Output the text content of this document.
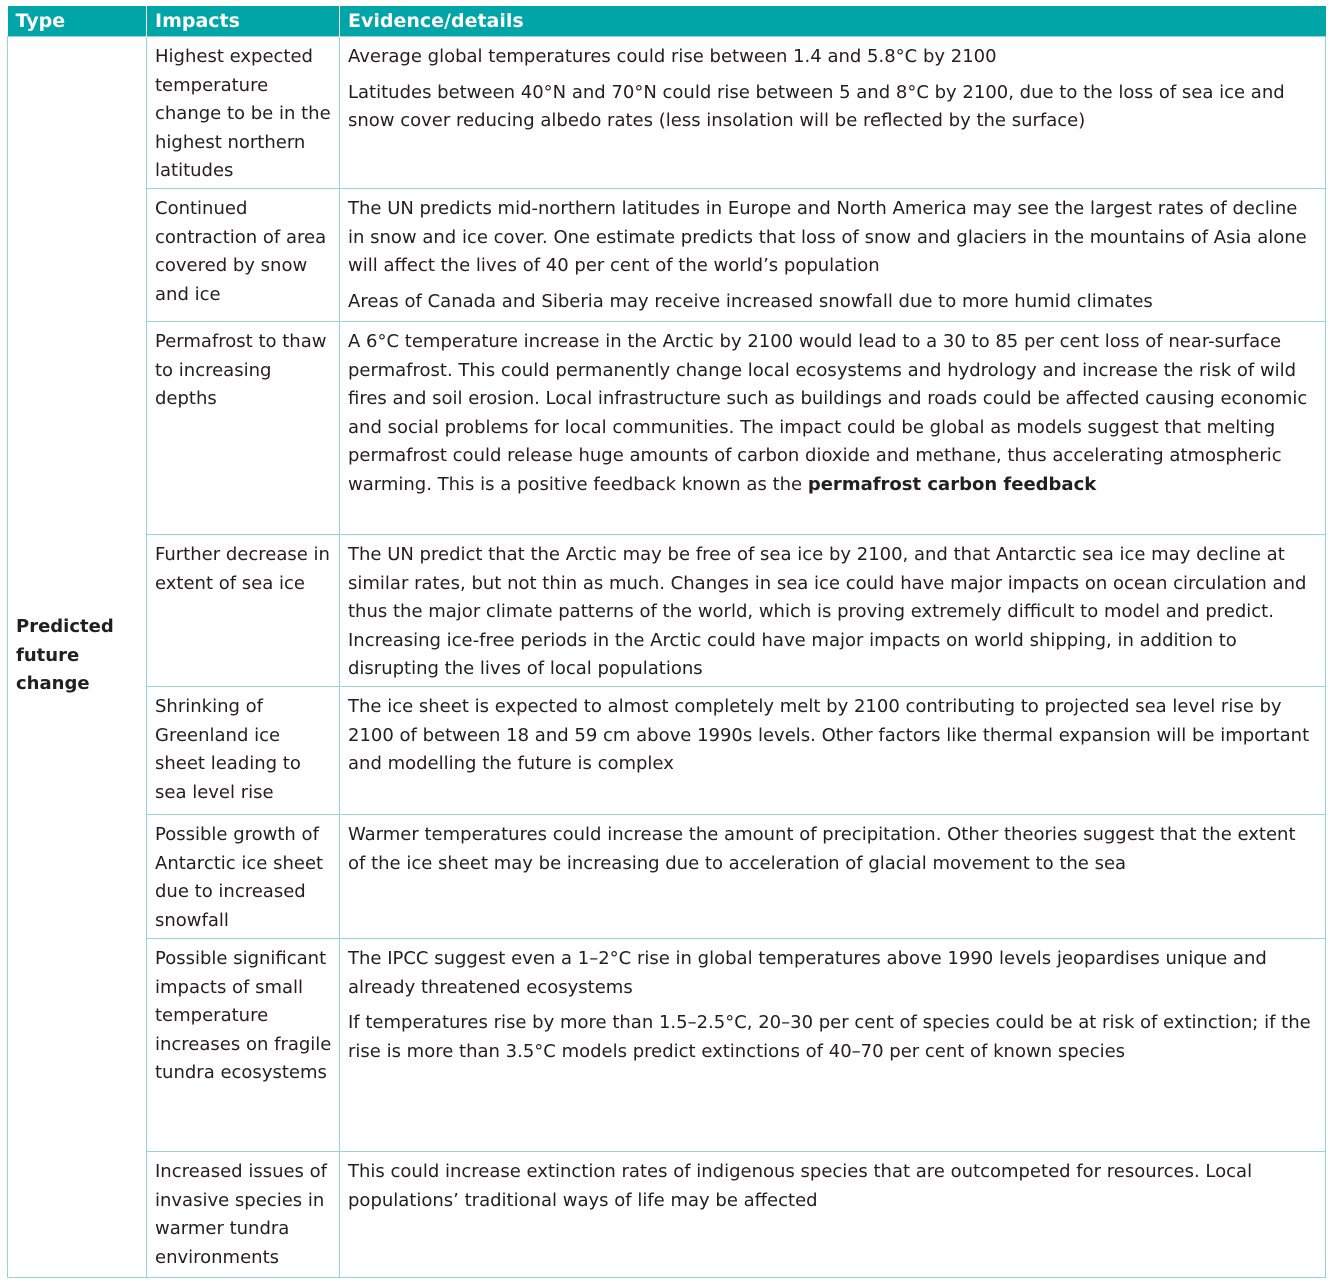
Type	Impacts	Evidence/details
Predicted future change	Highest expected temperature change to be in the highest northern latitudes	Average global temperatures could rise between 1.4 and 5.8°C by 2100

Latitudes between 40°N and 70°N could rise between 5 and 8°C by 2100, due to the loss of sea ice and snow cover reducing albedo rates (less insolation will be reflected by the surface)

	Continued contraction of area covered by snow and ice	The UN predicts mid-northern latitudes in Europe and North America may see the largest rates of decline in snow and ice cover. One estimate predicts that loss of snow and glaciers in the mountains of Asia alone will affect the lives of 40 per cent of the world’s population

Areas of Canada and Siberia may receive increased snowfall due to more humid climates

	Permafrost to thaw to increasing depths	A 6°C temperature increase in the Arctic by 2100 would lead to a 30 to 85 per cent loss of near-surface permafrost. This could permanently change local ecosystems and hydrology and increase the risk of wild fires and soil erosion. Local infrastructure such as buildings and roads could be affected causing economic and social problems for local communities. The impact could be global as models suggest that melting permafrost could release huge amounts of carbon dioxide and methane, thus accelerating atmospheric warming. This is a positive feedback known as the permafrost carbon feedback

	Further decrease in extent of sea ice	The UN predict that the Arctic may be free of sea ice by 2100, and that Antarctic sea ice may decline at similar rates, but not thin as much. Changes in sea ice could have major impacts on ocean circulation and thus the major climate patterns of the world, which is proving extremely difficult to model and predict. Increasing ice-free periods in the Arctic could have major impacts on world shipping, in addition to disrupting the lives of local populations

	Shrinking of Greenland ice sheet leading to sea level rise	The ice sheet is expected to almost completely melt by 2100 contributing to projected sea level rise by 2100 of between 18 and 59 cm above 1990s levels. Other factors like thermal expansion will be important and modelling the future is complex

	Possible growth of Antarctic ice sheet due to increased snowfall	Warmer temperatures could increase the amount of precipitation. Other theories suggest that the extent of the ice sheet may be increasing due to acceleration of glacial movement to the sea

	Possible significant impacts of small temperature increases on fragile tundra ecosystems	The IPCC suggest even a 1–2°C rise in global temperatures above 1990 levels jeopardises unique and already threatened ecosystems

If temperatures rise by more than 1.5–2.5°C, 20–30 per cent of species could be at risk of extinction; if the rise is more than 3.5°C models predict extinctions of 40–70 per cent of known species

	Increased issues of invasive species in warmer tundra environments	This could increase extinction rates of indigenous species that are outcompeted for resources. Local populations’ traditional ways of life may be affected
